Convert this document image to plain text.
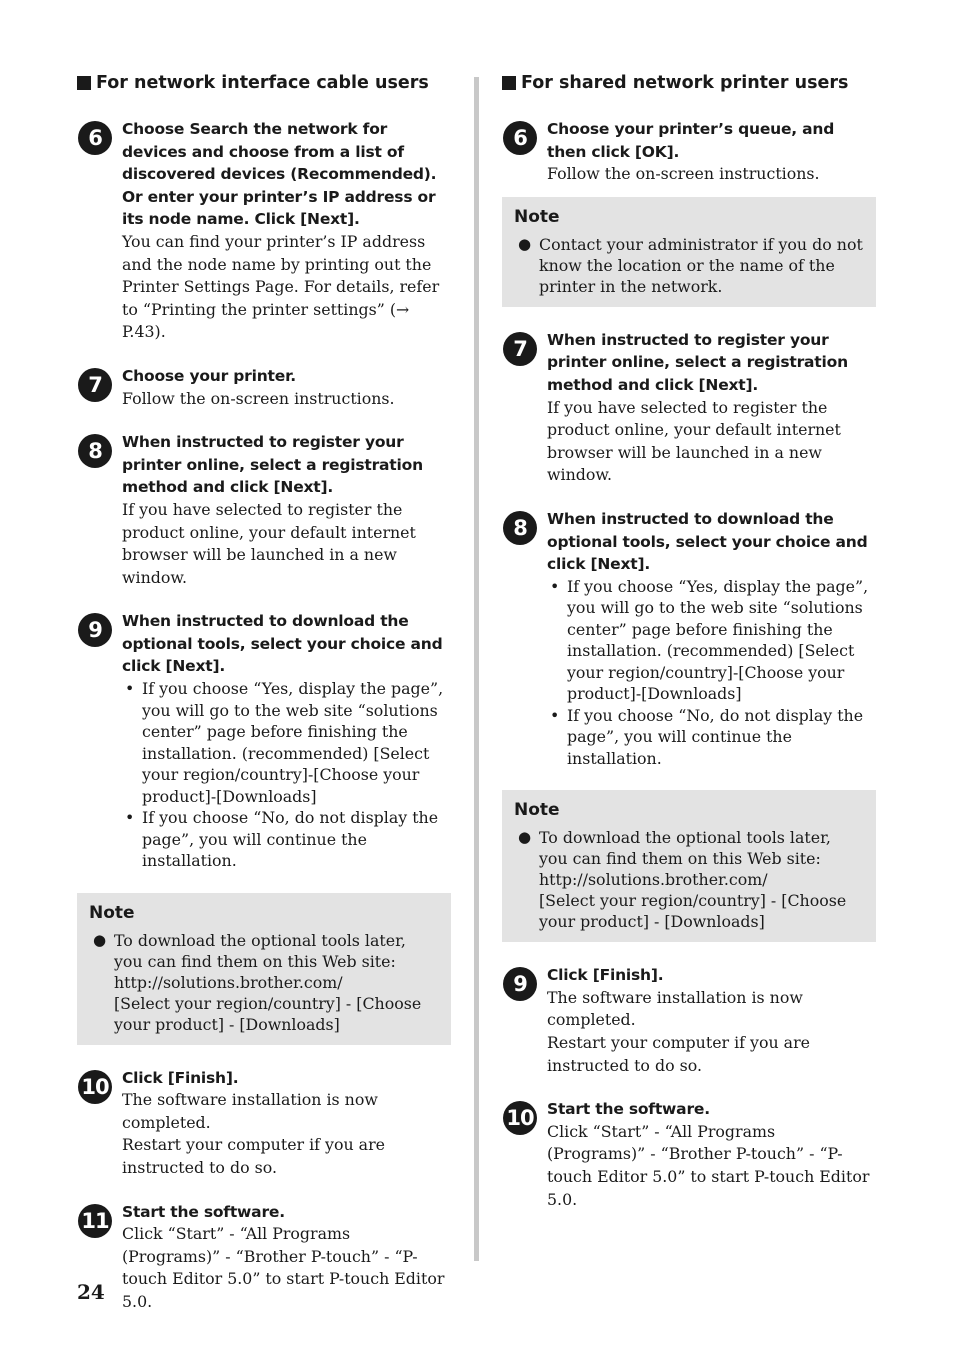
For network interface cable users
6	Choose Search the network for devices and choose from a list of discovered devices (Recommended). Or enter your printer’s IP address or its node name. Click [Next].
You can find your printer’s IP address and the node name by printing out the Printer Settings Page. For details, refer to “Printing the printer settings” (→ P.43).
7	Choose your printer.
Follow the on-screen instructions.
8	When instructed to register your printer online, select a registration method and click [Next].
If you have selected to register the product online, your default internet browser will be launched in a new window.
9	When instructed to download the optional tools, select your choice and click [Next].
• If you choose “Yes, display the page”, you will go to the web site “solutions center” page before finishing the installation. (recommended) [Select your region/country]-[Choose your product]-[Downloads]
• If you choose “No, do not display the page”, you will continue the installation.
Note
● To download the optional tools later, you can find them on this Web site:
http://solutions.brother.com/
[Select your region/country] - [Choose your product] - [Downloads]
10 Click [Finish].
The software installation is now completed.
Restart your computer if you are instructed to do so.
11 Start the software.
Click “Start” - “All Programs (Programs)” - “Brother P-touch” - “P-touch Editor 5.0” to start P-touch Editor 5.0.
For shared network printer users
6	Choose your printer’s queue, and then click [OK].
Follow the on-screen instructions.
Note
● Contact your administrator if you do not know the location or the name of the printer in the network.
7	When instructed to register your printer online, select a registration method and click [Next].
If you have selected to register the product online, your default internet browser will be launched in a new window.
8	When instructed to download the optional tools, select your choice and click [Next].
• If you choose “Yes, display the page”, you will go to the web site “solutions center” page before finishing the installation. (recommended) [Select your region/country]-[Choose your product]-[Downloads]
• If you choose “No, do not display the page”, you will continue the installation.
Note
● To download the optional tools later, you can find them on this Web site:
http://solutions.brother.com/
[Select your region/country] - [Choose your product] - [Downloads]
9	Click [Finish].
The software installation is now completed.
Restart your computer if you are instructed to do so.
10 Start the software.
Click “Start” - “All Programs (Programs)” - “Brother P-touch” - “P-touch Editor 5.0” to start P-touch Editor 5.0.
24
